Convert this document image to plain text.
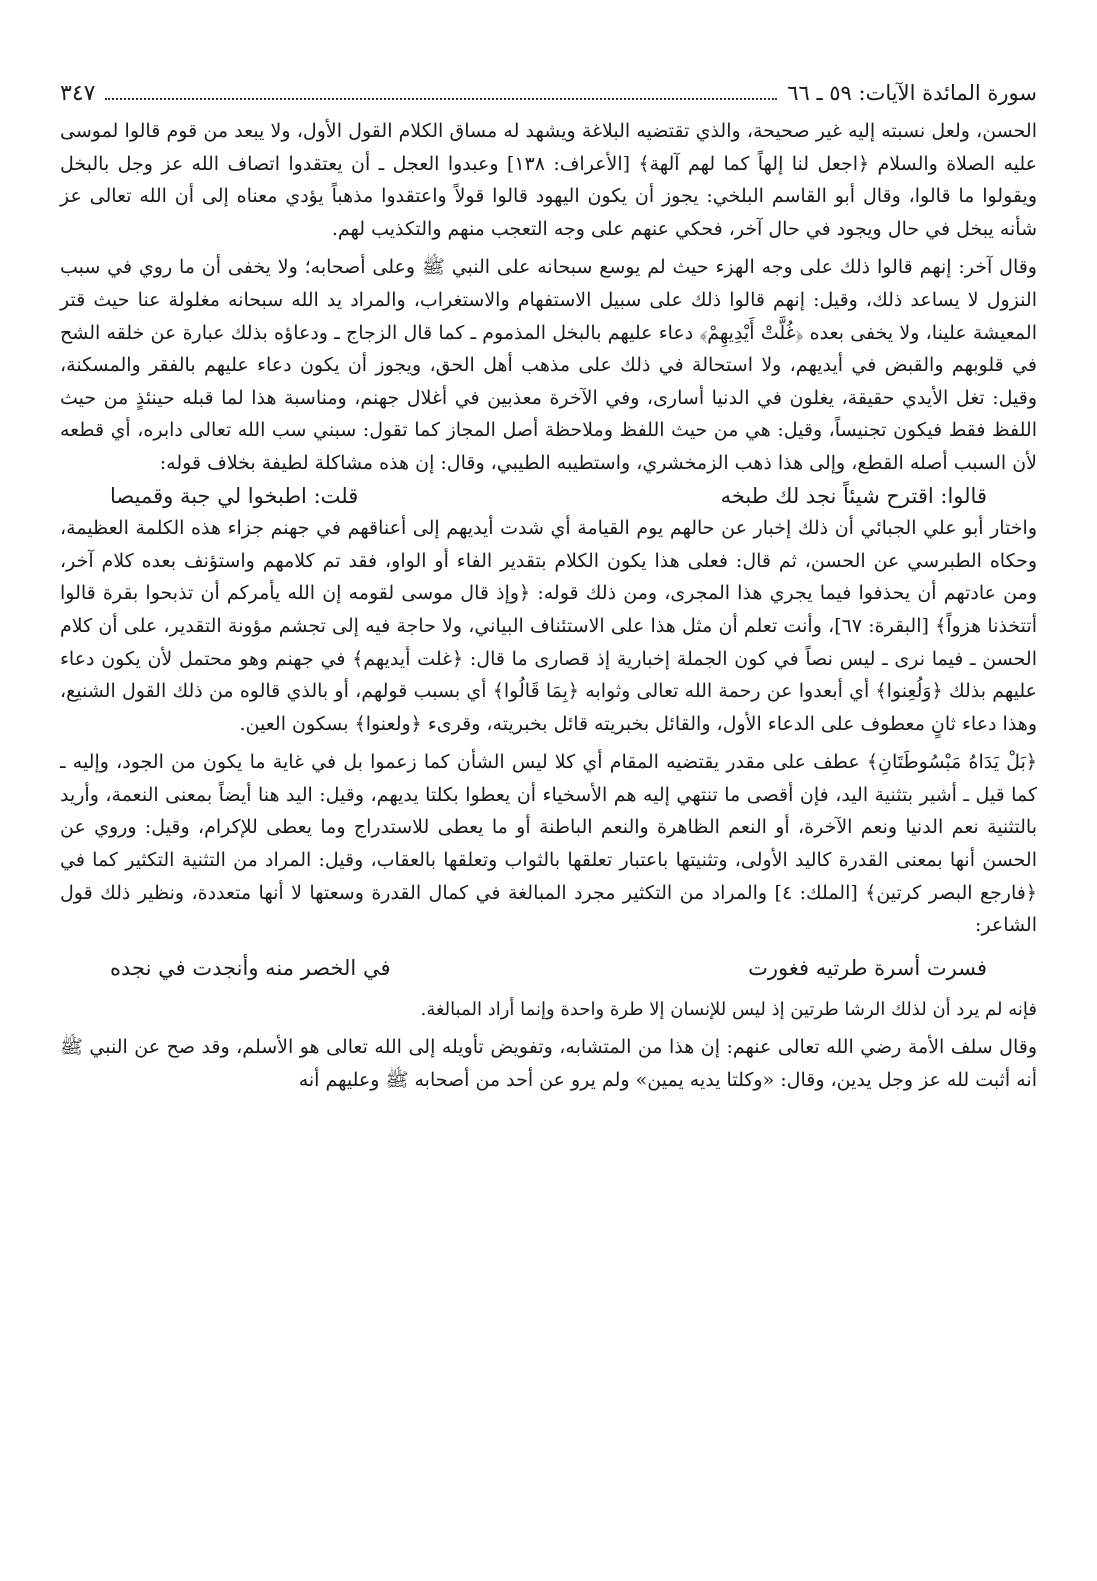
سورة المائدة الآيات: ٥٩ ـ ٦٦
٣٤٧

الحسن، ولعل نسبته إليه غير صحيحة، والذي تقتضيه البلاغة ويشهد له مساق الكلام القول الأول، ولا يبعد من قوم قالوا لموسى عليه الصلاة والسلام ﴿اجعل لنا إلهاً كما لهم آلهة﴾ [الأعراف: ١٣٨] وعبدوا العجل ـ أن يعتقدوا اتصاف الله عز وجل بالبخل ويقولوا ما قالوا، وقال أبو القاسم البلخي: يجوز أن يكون اليهود قالوا قولاً واعتقدوا مذهباً يؤدي معناه إلى أن الله تعالى عز شأنه يبخل في حال ويجود في حال آخر، فحكي عنهم على وجه التعجب منهم والتكذيب لهم.

وقال آخر: إنهم قالوا ذلك على وجه الهزء حيث لم يوسع سبحانه على النبي ﷺ وعلى أصحابه؛ ولا يخفى أن ما روي في سبب النزول لا يساعد ذلك، وقيل: إنهم قالوا ذلك على سبيل الاستفهام والاستغراب، والمراد يد الله سبحانه مغلولة عنا حيث قتر المعيشة علينا، ولا يخفى بعده ﴿غُلَّتْ أَيْدِيهِمْ﴾ دعاء عليهم بالبخل المذموم ـ كما قال الزجاج ـ ودعاؤه بذلك عبارة عن خلقه الشح في قلوبهم والقبض في أيديهم، ولا استحالة في ذلك على مذهب أهل الحق، ويجوز أن يكون دعاء عليهم بالفقر والمسكنة، وقيل: تغل الأيدي حقيقة، يغلون في الدنيا أسارى، وفي الآخرة معذبين في أغلال جهنم، ومناسبة هذا لما قبله حينئذٍ من حيث اللفظ فقط فيكون تجنيساً، وقيل: هي من حيث اللفظ وملاحظة أصل المجاز كما تقول: سبني سب الله تعالى دابره، أي قطعه لأن السبب أصله القطع، وإلى هذا ذهب الزمخشري، واستطيبه الطيبي، وقال: إن هذه مشاكلة لطيفة بخلاف قوله:

قالوا: اقترح شيئاً نجد لك طبخه
قلت: اطبخوا لي جبة وقميصا

واختار أبو علي الجبائي أن ذلك إخبار عن حالهم يوم القيامة أي شدت أيديهم إلى أعناقهم في جهنم جزاء هذه الكلمة العظيمة، وحكاه الطبرسي عن الحسن، ثم قال: فعلى هذا يكون الكلام بتقدير الفاء أو الواو، فقد تم كلامهم واستؤنف بعده كلام آخر، ومن عادتهم أن يحذفوا فيما يجري هذا المجرى، ومن ذلك قوله: ﴿وإذ قال موسى لقومه إن الله يأمركم أن تذبحوا بقرة قالوا أتتخذنا هزواً﴾ [البقرة: ٦٧]، وأنت تعلم أن مثل هذا على الاستئناف البياني، ولا حاجة فيه إلى تجشم مؤونة التقدير، على أن كلام الحسن ـ فيما نرى ـ ليس نصاً في كون الجملة إخبارية إذ قصارى ما قال: ﴿غلت أيديهم﴾ في جهنم وهو محتمل لأن يكون دعاء عليهم بذلك ﴿وَلُعِنوا﴾ أي أبعدوا عن رحمة الله تعالى وثوابه ﴿بِمَا قَالُوا﴾ أي بسبب قولهم، أو بالذي قالوه من ذلك القول الشنيع، وهذا دعاء ثانٍ معطوف على الدعاء الأول، والقائل بخبريته قائل بخبريته، وقرىء ﴿ولعنوا﴾ بسكون العين.

﴿بَلْ يَدَاهُ مَبْسُوطَتَانِ﴾ عطف على مقدر يقتضيه المقام أي كلا ليس الشأن كما زعموا بل في غاية ما يكون من الجود، وإليه ـ كما قيل ـ أشير بتثنية اليد، فإن أقصى ما تنتهي إليه هم الأسخياء أن يعطوا بكلتا يديهم، وقيل: اليد هنا أيضاً بمعنى النعمة، وأريد بالتثنية نعم الدنيا ونعم الآخرة، أو النعم الظاهرة والنعم الباطنة أو ما يعطى للاستدراج وما يعطى للإكرام، وقيل: وروي عن الحسن أنها بمعنى القدرة كاليد الأولى، وتثنيتها باعتبار تعلقها بالثواب وتعلقها بالعقاب، وقيل: المراد من التثنية التكثير كما في ﴿فارجع البصر كرتين﴾ [الملك: ٤] والمراد من التكثير مجرد المبالغة في كمال القدرة وسعتها لا أنها متعددة، ونظير ذلك قول الشاعر:

فسرت أسرة طرتيه فغورت
في الخصر منه وأنجدت في نجده

فإنه لم يرد أن لذلك الرشا طرتين إذ ليس للإنسان إلا طرة واحدة وإنما أراد المبالغة.

وقال سلف الأمة رضي الله تعالى عنهم: إن هذا من المتشابه، وتفويض تأويله إلى الله تعالى هو الأسلم، وقد صح عن النبي ﷺ أنه أثبت لله عز وجل يدين، وقال: «وكلتا يديه يمين» ولم يرو عن أحد من أصحابه ﷺ وعليهم أنه
